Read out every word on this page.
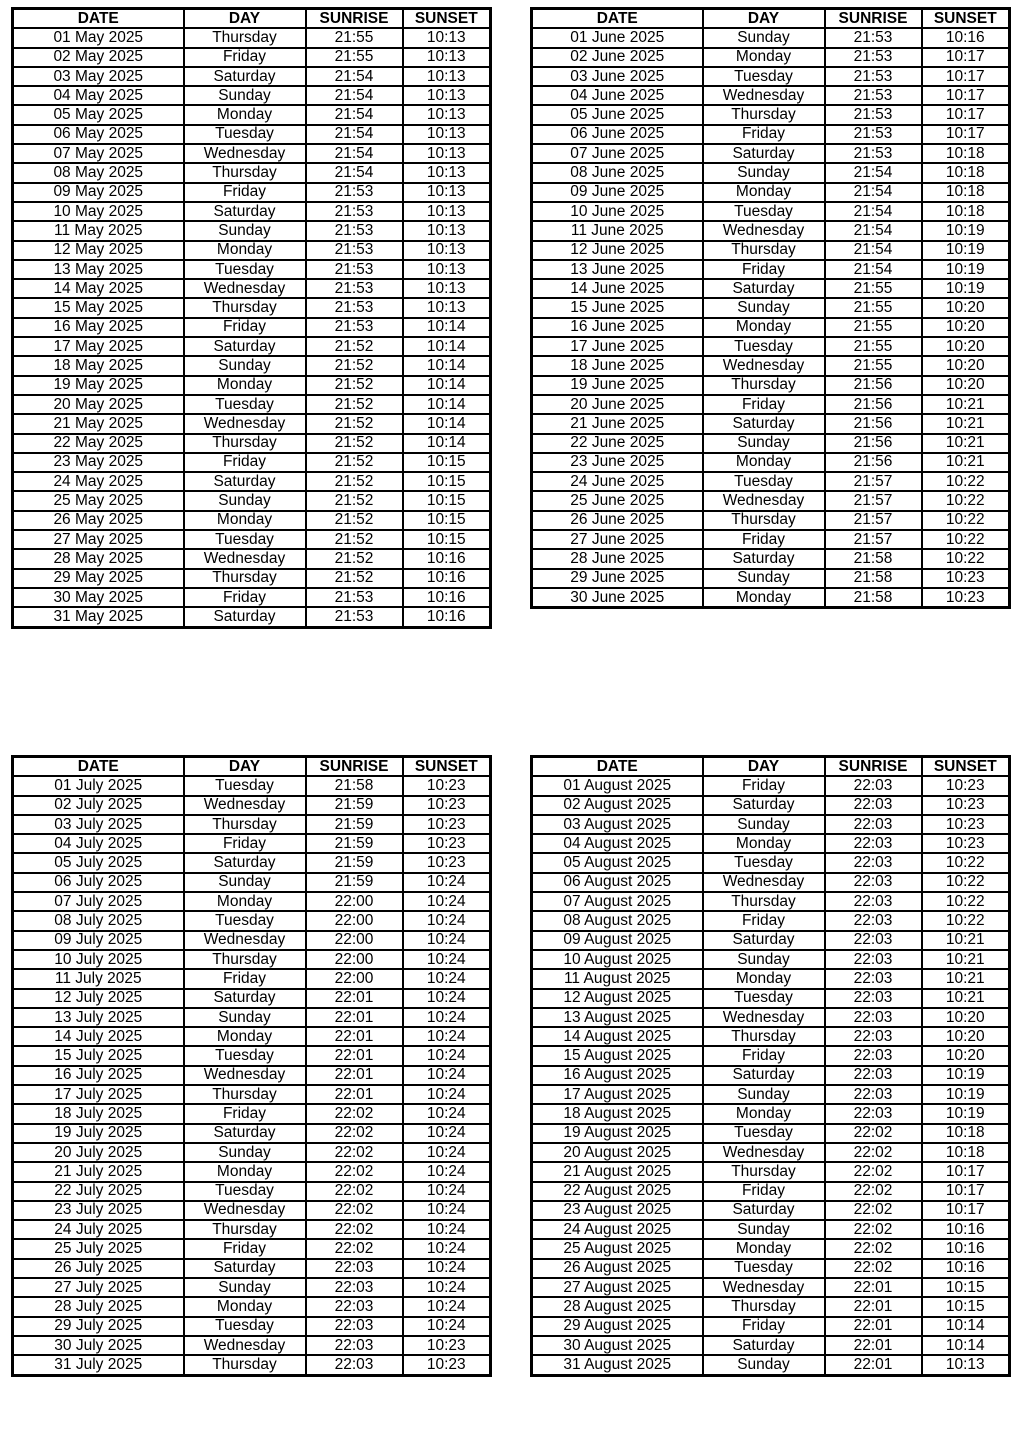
DATE	DAY	SUNRISE	SUNSET
01 May 2025	Thursday	21:55	10:13
02 May 2025	Friday	21:55	10:13
03 May 2025	Saturday	21:54	10:13
04 May 2025	Sunday	21:54	10:13
05 May 2025	Monday	21:54	10:13
06 May 2025	Tuesday	21:54	10:13
07 May 2025	Wednesday	21:54	10:13
08 May 2025	Thursday	21:54	10:13
09 May 2025	Friday	21:53	10:13
10 May 2025	Saturday	21:53	10:13
11 May 2025	Sunday	21:53	10:13
12 May 2025	Monday	21:53	10:13
13 May 2025	Tuesday	21:53	10:13
14 May 2025	Wednesday	21:53	10:13
15 May 2025	Thursday	21:53	10:13
16 May 2025	Friday	21:53	10:14
17 May 2025	Saturday	21:52	10:14
18 May 2025	Sunday	21:52	10:14
19 May 2025	Monday	21:52	10:14
20 May 2025	Tuesday	21:52	10:14
21 May 2025	Wednesday	21:52	10:14
22 May 2025	Thursday	21:52	10:14
23 May 2025	Friday	21:52	10:15
24 May 2025	Saturday	21:52	10:15
25 May 2025	Sunday	21:52	10:15
26 May 2025	Monday	21:52	10:15
27 May 2025	Tuesday	21:52	10:15
28 May 2025	Wednesday	21:52	10:16
29 May 2025	Thursday	21:52	10:16
30 May 2025	Friday	21:53	10:16
31 May 2025	Saturday	21:53	10:16
DATE	DAY	SUNRISE	SUNSET
01 June 2025	Sunday	21:53	10:16
02 June 2025	Monday	21:53	10:17
03 June 2025	Tuesday	21:53	10:17
04 June 2025	Wednesday	21:53	10:17
05 June 2025	Thursday	21:53	10:17
06 June 2025	Friday	21:53	10:17
07 June 2025	Saturday	21:53	10:18
08 June 2025	Sunday	21:54	10:18
09 June 2025	Monday	21:54	10:18
10 June 2025	Tuesday	21:54	10:18
11 June 2025	Wednesday	21:54	10:19
12 June 2025	Thursday	21:54	10:19
13 June 2025	Friday	21:54	10:19
14 June 2025	Saturday	21:55	10:19
15 June 2025	Sunday	21:55	10:20
16 June 2025	Monday	21:55	10:20
17 June 2025	Tuesday	21:55	10:20
18 June 2025	Wednesday	21:55	10:20
19 June 2025	Thursday	21:56	10:20
20 June 2025	Friday	21:56	10:21
21 June 2025	Saturday	21:56	10:21
22 June 2025	Sunday	21:56	10:21
23 June 2025	Monday	21:56	10:21
24 June 2025	Tuesday	21:57	10:22
25 June 2025	Wednesday	21:57	10:22
26 June 2025	Thursday	21:57	10:22
27 June 2025	Friday	21:57	10:22
28 June 2025	Saturday	21:58	10:22
29 June 2025	Sunday	21:58	10:23
30 June 2025	Monday	21:58	10:23
DATE	DAY	SUNRISE	SUNSET
01 July 2025	Tuesday	21:58	10:23
02 July 2025	Wednesday	21:59	10:23
03 July 2025	Thursday	21:59	10:23
04 July 2025	Friday	21:59	10:23
05 July 2025	Saturday	21:59	10:23
06 July 2025	Sunday	21:59	10:24
07 July 2025	Monday	22:00	10:24
08 July 2025	Tuesday	22:00	10:24
09 July 2025	Wednesday	22:00	10:24
10 July 2025	Thursday	22:00	10:24
11 July 2025	Friday	22:00	10:24
12 July 2025	Saturday	22:01	10:24
13 July 2025	Sunday	22:01	10:24
14 July 2025	Monday	22:01	10:24
15 July 2025	Tuesday	22:01	10:24
16 July 2025	Wednesday	22:01	10:24
17 July 2025	Thursday	22:01	10:24
18 July 2025	Friday	22:02	10:24
19 July 2025	Saturday	22:02	10:24
20 July 2025	Sunday	22:02	10:24
21 July 2025	Monday	22:02	10:24
22 July 2025	Tuesday	22:02	10:24
23 July 2025	Wednesday	22:02	10:24
24 July 2025	Thursday	22:02	10:24
25 July 2025	Friday	22:02	10:24
26 July 2025	Saturday	22:03	10:24
27 July 2025	Sunday	22:03	10:24
28 July 2025	Monday	22:03	10:24
29 July 2025	Tuesday	22:03	10:24
30 July 2025	Wednesday	22:03	10:23
31 July 2025	Thursday	22:03	10:23
DATE	DAY	SUNRISE	SUNSET
01 August 2025	Friday	22:03	10:23
02 August 2025	Saturday	22:03	10:23
03 August 2025	Sunday	22:03	10:23
04 August 2025	Monday	22:03	10:23
05 August 2025	Tuesday	22:03	10:22
06 August 2025	Wednesday	22:03	10:22
07 August 2025	Thursday	22:03	10:22
08 August 2025	Friday	22:03	10:22
09 August 2025	Saturday	22:03	10:21
10 August 2025	Sunday	22:03	10:21
11 August 2025	Monday	22:03	10:21
12 August 2025	Tuesday	22:03	10:21
13 August 2025	Wednesday	22:03	10:20
14 August 2025	Thursday	22:03	10:20
15 August 2025	Friday	22:03	10:20
16 August 2025	Saturday	22:03	10:19
17 August 2025	Sunday	22:03	10:19
18 August 2025	Monday	22:03	10:19
19 August 2025	Tuesday	22:02	10:18
20 August 2025	Wednesday	22:02	10:18
21 August 2025	Thursday	22:02	10:17
22 August 2025	Friday	22:02	10:17
23 August 2025	Saturday	22:02	10:17
24 August 2025	Sunday	22:02	10:16
25 August 2025	Monday	22:02	10:16
26 August 2025	Tuesday	22:02	10:16
27 August 2025	Wednesday	22:01	10:15
28 August 2025	Thursday	22:01	10:15
29 August 2025	Friday	22:01	10:14
30 August 2025	Saturday	22:01	10:14
31 August 2025	Sunday	22:01	10:13
